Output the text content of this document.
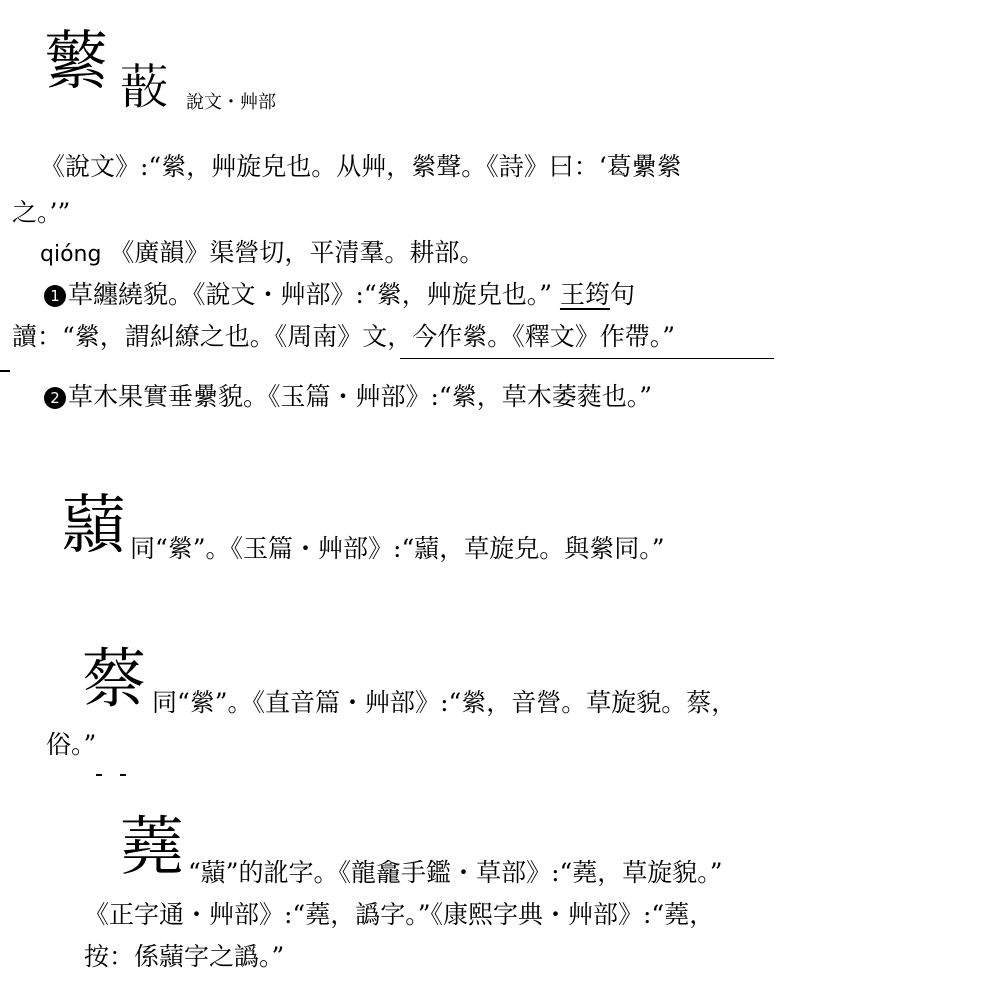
蘩 𦺻 說文・艸部
《說文》:“縈，艸旋皃也。从艸，縈聲。《詩》曰：‘葛纍縈
之。’”
qióng 《廣韻》渠營切，平清羣。耕部。
1 草纏繞貌。《說文・艸部》:“縈，艸旋皃也。” 王筠句
讀：“縈，謂糾繚之也。《周南》文，今作縈。《釋文》作帶。”
2 草木果實垂纍貌。《玉篇・艸部》:“縈，草木萎蕤也。”
蘏 同“縈”。《玉篇・艸部》:“蘏，草旋皃。與縈同。”
蔡 同“縈”。《直音篇・艸部》:“縈，音營。草旋貌。蔡，
俗。”
蕘 “蘏”的訛字。《龍龕手鑑・草部》:“蕘，草旋貌。”
《正字通・艸部》:“蕘，譌字。”《康熙字典・艸部》:“蕘，
按：係蘏字之譌。”
